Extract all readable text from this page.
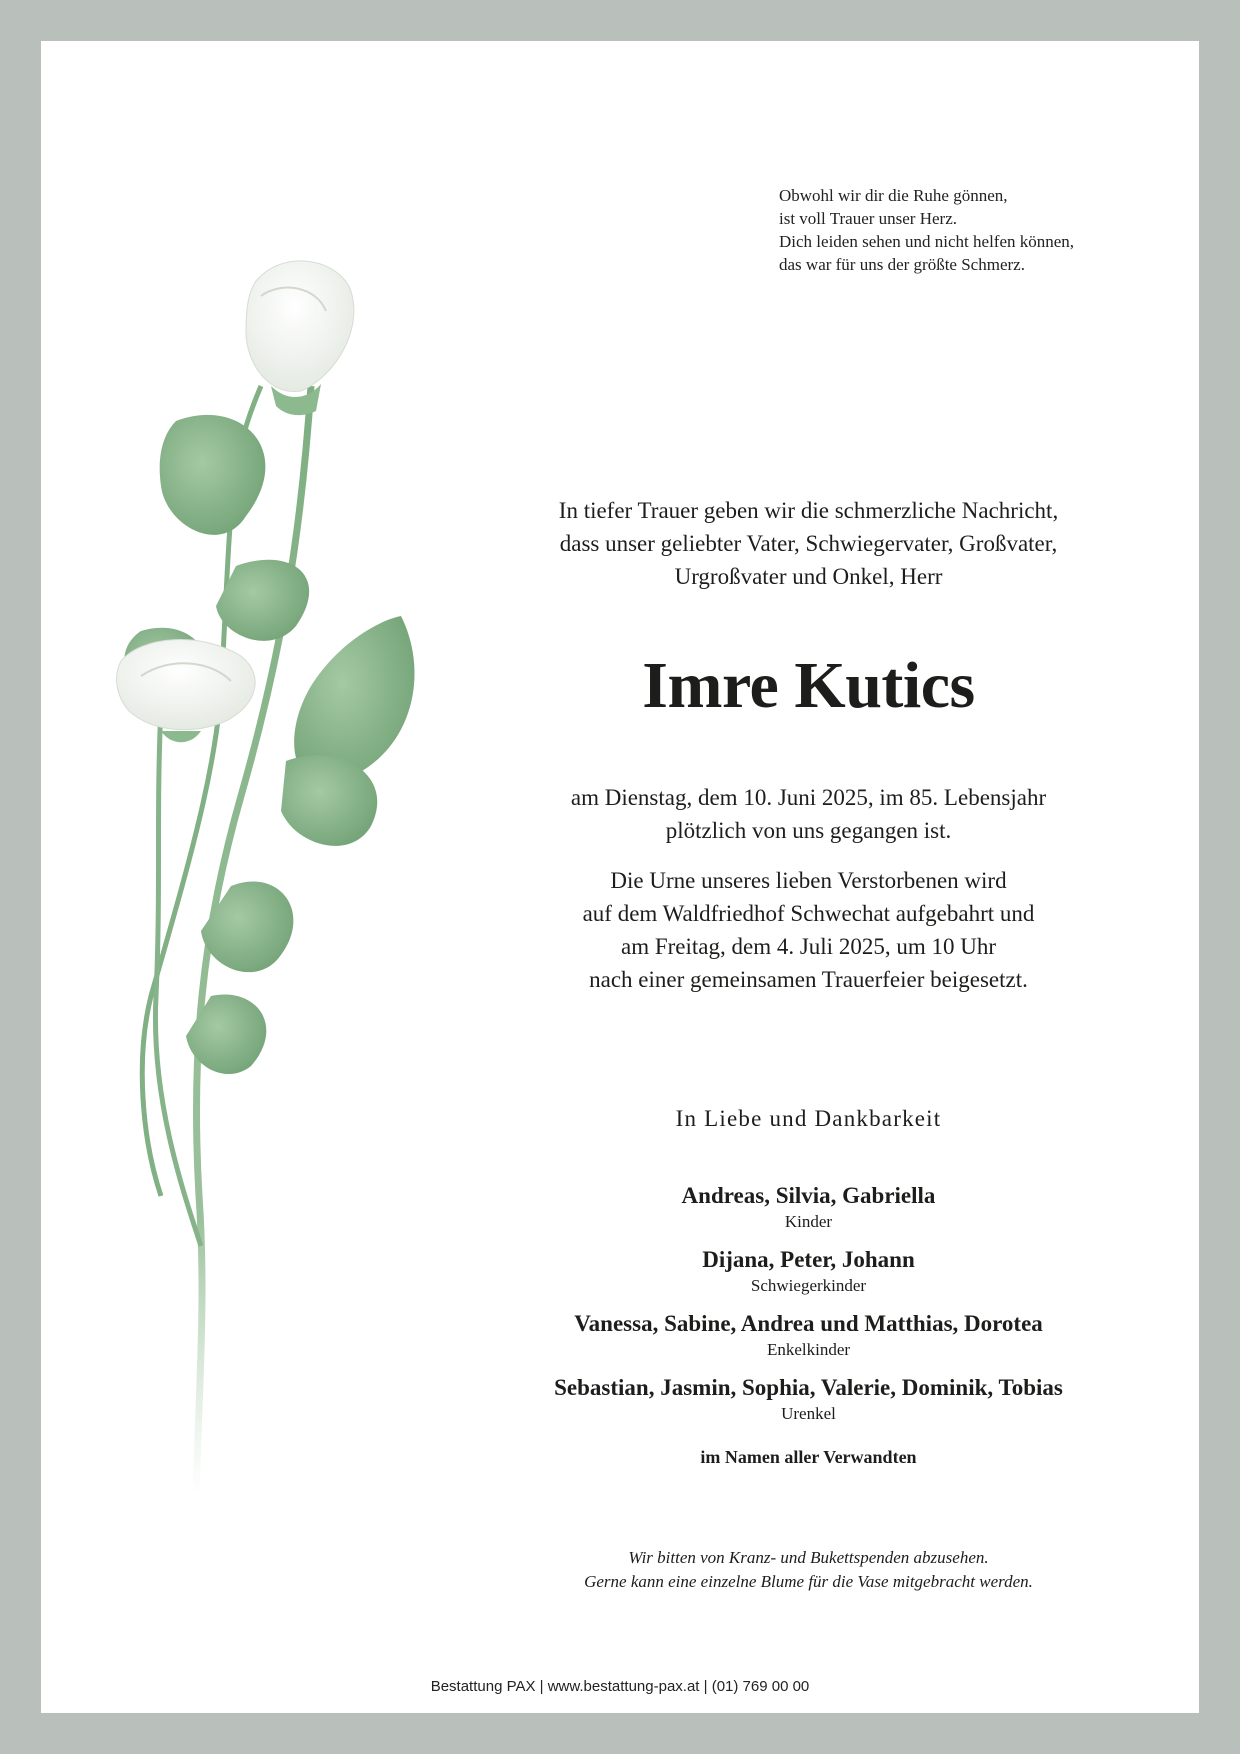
Obwohl wir dir die Ruhe gönnen,
ist voll Trauer unser Herz.
Dich leiden sehen und nicht helfen können,
das war für uns der größte Schmerz.
In tiefer Trauer geben wir die schmerzliche Nachricht,
dass unser geliebter Vater, Schwiegervater, Großvater,
Urgroßvater und Onkel, Herr
Imre Kutics
am Dienstag, dem 10. Juni 2025, im 85. Lebensjahr
plötzlich von uns gegangen ist.
Die Urne unseres lieben Verstorbenen wird
auf dem Waldfriedhof Schwechat aufgebahrt und
am Freitag, dem 4. Juli 2025, um 10 Uhr
nach einer gemeinsamen Trauerfeier beigesetzt.
In Liebe und Dankbarkeit
Andreas, Silvia, Gabriella
Kinder
Dijana, Peter, Johann
Schwiegerkinder
Vanessa, Sabine, Andrea und Matthias, Dorotea
Enkelkinder
Sebastian, Jasmin, Sophia, Valerie, Dominik, Tobias
Urenkel
im Namen aller Verwandten
Wir bitten von Kranz- und Bukettspenden abzusehen.
Gerne kann eine einzelne Blume für die Vase mitgebracht werden.
Bestattung PAX | www.bestattung-pax.at | (01) 769 00 00
